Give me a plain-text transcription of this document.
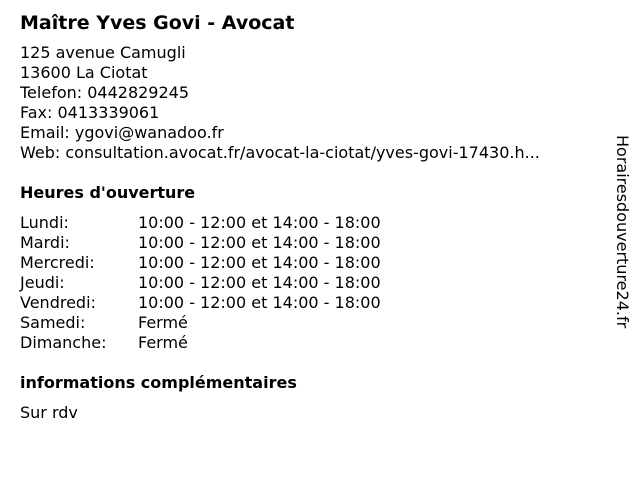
Maître Yves Govi - Avocat
125 avenue Camugli
13600 La Ciotat
Telefon: 0442829245
Fax: 0413339061
Email: ygovi@wanadoo.fr
Web: consultation.avocat.fr/avocat-la-ciotat/yves-govi-17430.h...
Heures d'ouverture
Lundi:	10:00 - 12:00 et 14:00 - 18:00
Mardi:	10:00 - 12:00 et 14:00 - 18:00
Mercredi:	10:00 - 12:00 et 14:00 - 18:00
Jeudi:	10:00 - 12:00 et 14:00 - 18:00
Vendredi:	10:00 - 12:00 et 14:00 - 18:00
Samedi:	Fermé
Dimanche:	Fermé
informations complémentaires
Sur rdv
Horairesdouverture24.fr
